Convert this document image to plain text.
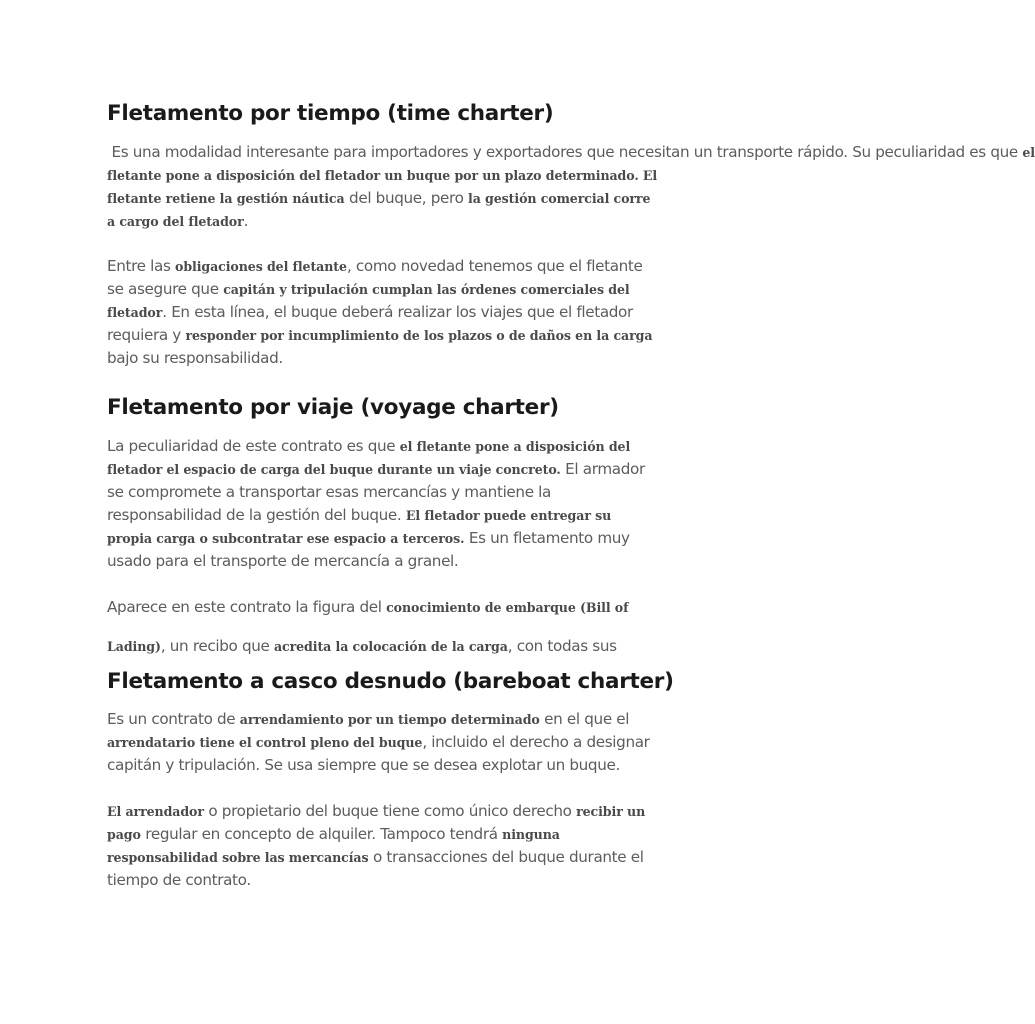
Fletamento por tiempo (time charter)

Es una modalidad interesante para importadores y exportadores que necesitan un transporte rápido. Su peculiaridad es que el fletante pone a disposición del fletador un buque por un plazo determinado. El fletante retiene la gestión náutica del buque, pero la gestión comercial corre a cargo del fletador.

Entre las obligaciones del fletante, como novedad tenemos que el fletante se asegure que capitán y tripulación cumplan las órdenes comerciales del fletador. En esta línea, el buque deberá realizar los viajes que el fletador requiera y responder por incumplimiento de los plazos o de daños en la carga bajo su responsabilidad.

Fletamento por viaje (voyage charter)

La peculiaridad de este contrato es que el fletante pone a disposición del fletador el espacio de carga del buque durante un viaje concreto. El armador se compromete a transportar esas mercancías y mantiene la responsabilidad de la gestión del buque. El fletador puede entregar su propia carga o subcontratar ese espacio a terceros. Es un fletamento muy usado para el transporte de mercancía a granel.

Aparece en este contrato la figura del conocimiento de embarque (Bill of Lading), un recibo que acredita la colocación de la carga, con todas sus

Fletamento a casco desnudo (bareboat charter)

Es un contrato de arrendamiento por un tiempo determinado en el que el arrendatario tiene el control pleno del buque, incluido el derecho a designar capitán y tripulación. Se usa siempre que se desea explotar un buque.

El arrendador o propietario del buque tiene como único derecho recibir un pago regular en concepto de alquiler. Tampoco tendrá ninguna responsabilidad sobre las mercancías o transacciones del buque durante el tiempo de contrato.
